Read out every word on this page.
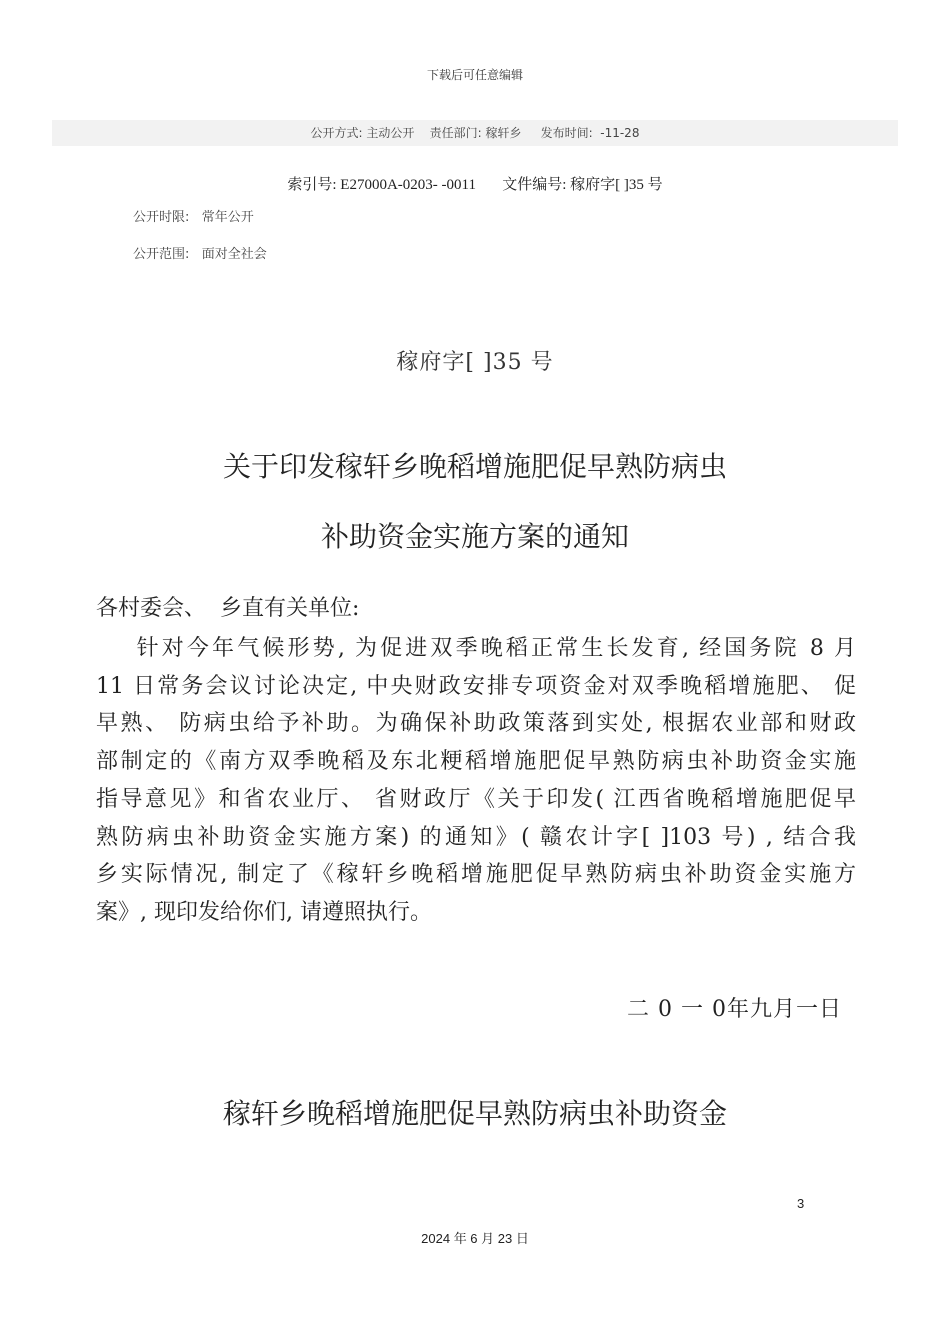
下载后可任意编辑
公开方式: 主动公开    责任部门: 稼轩乡     发布时间:  -11-28
索引号: E27000A-0203- -0011       文件编号: 稼府字[ ]35 号
公开时限:   常年公开
公开范围:   面对全社会
稼府字[ ]35 号
关于印发稼轩乡晚稻增施肥促早熟防病虫
补助资金实施方案的通知
各村委会、  乡直有关单位:
针对今年气候形势, 为促进双季晚稻正常生长发育, 经国务院 8 月
11 日常务会议讨论决定, 中央财政安排专项资金对双季晚稻增施肥、 促
早熟、 防病虫给予补助。为确保补助政策落到实处, 根据农业部和财政
部制定的《南方双季晚稻及东北粳稻增施肥促早熟防病虫补助资金实施
指导意见》和省农业厅、 省财政厅《关于印发( 江西省晚稻增施肥促早
熟防病虫补助资金实施方案) 的通知》( 赣农计字[ ]103 号) , 结合我
乡实际情况, 制定了《稼轩乡晚稻增施肥促早熟防病虫补助资金实施方
案》, 现印发给你们, 请遵照执行。
二 0 一 0年九月一日
稼轩乡晚稻增施肥促早熟防病虫补助资金
3
2024 年 6 月 23 日
